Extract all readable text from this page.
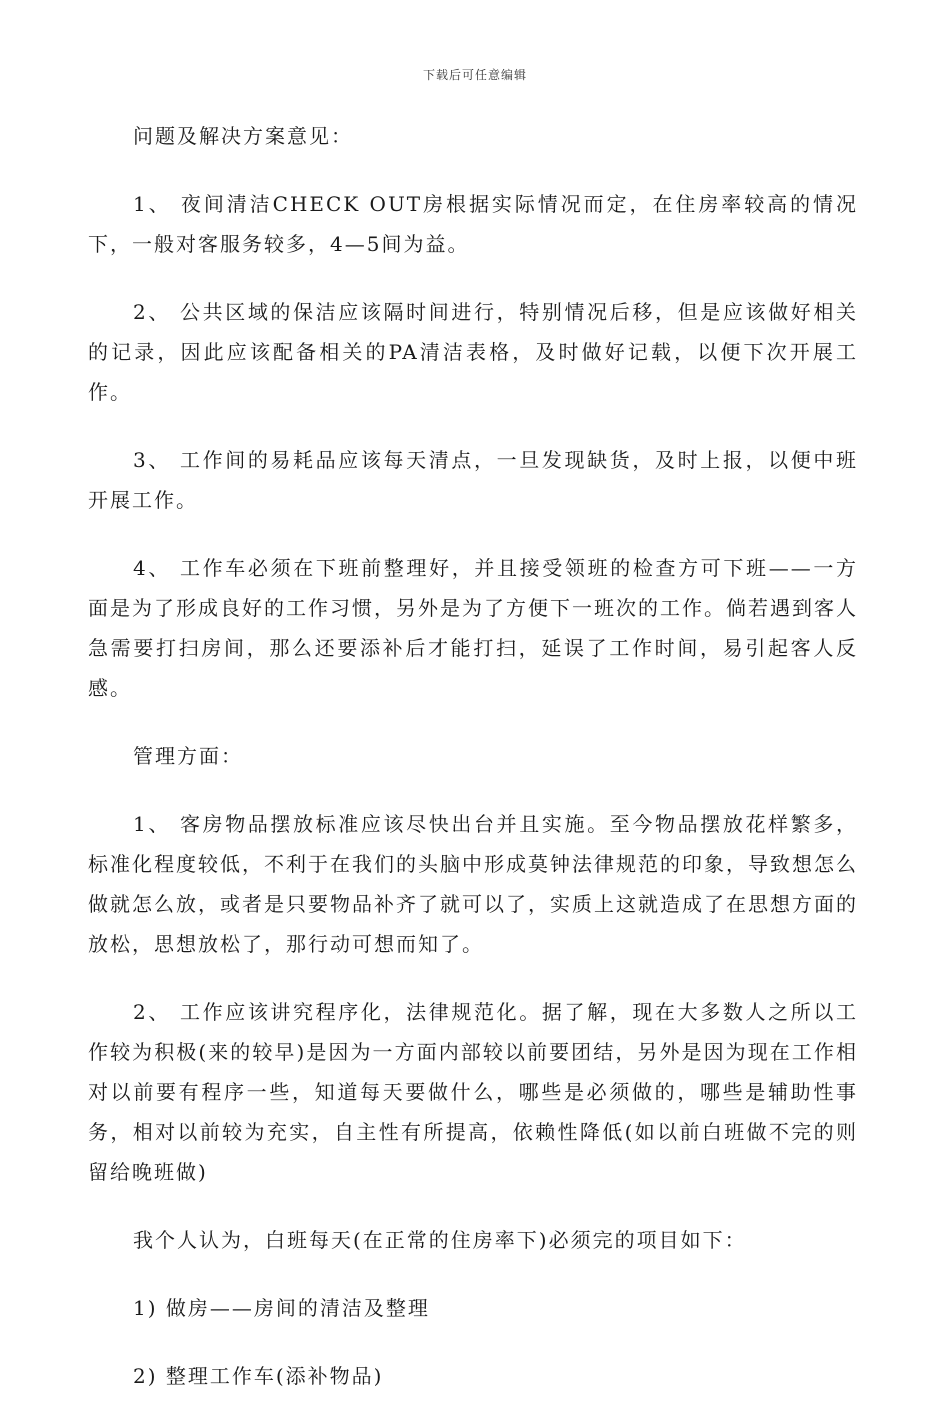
下载后可任意编辑

问题及解决方案意见：

1、 夜间清洁CHECK OUT房根据实际情况而定，在住房率较高的情况下，一般对客服务较多，4—5间为益。

2、 公共区域的保洁应该隔时间进行，特别情况后移，但是应该做好相关的记录，因此应该配备相关的PA清洁表格，及时做好记载，以便下次开展工作。

3、 工作间的易耗品应该每天清点，一旦发现缺货，及时上报，以便中班开展工作。

4、 工作车必须在下班前整理好，并且接受领班的检查方可下班——一方面是为了形成良好的工作习惯，另外是为了方便下一班次的工作。倘若遇到客人急需要打扫房间，那么还要添补后才能打扫，延误了工作时间，易引起客人反感。

管理方面：

1、 客房物品摆放标准应该尽快出台并且实施。至今物品摆放花样繁多，标准化程度较低，不利于在我们的头脑中形成莫钟法律规范的印象，导致想怎么做就怎么放，或者是只要物品补齐了就可以了，实质上这就造成了在思想方面的放松，思想放松了，那行动可想而知了。

2、 工作应该讲究程序化，法律规范化。据了解，现在大多数人之所以工作较为积极(来的较早)是因为一方面内部较以前要团结，另外是因为现在工作相对以前要有程序一些，知道每天要做什么，哪些是必须做的，哪些是辅助性事务，相对以前较为充实，自主性有所提高，依赖性降低(如以前白班做不完的则留给晚班做)

我个人认为，白班每天(在正常的住房率下)必须完的项目如下：

1) 做房——房间的清洁及整理

2) 整理工作车(添补物品)
